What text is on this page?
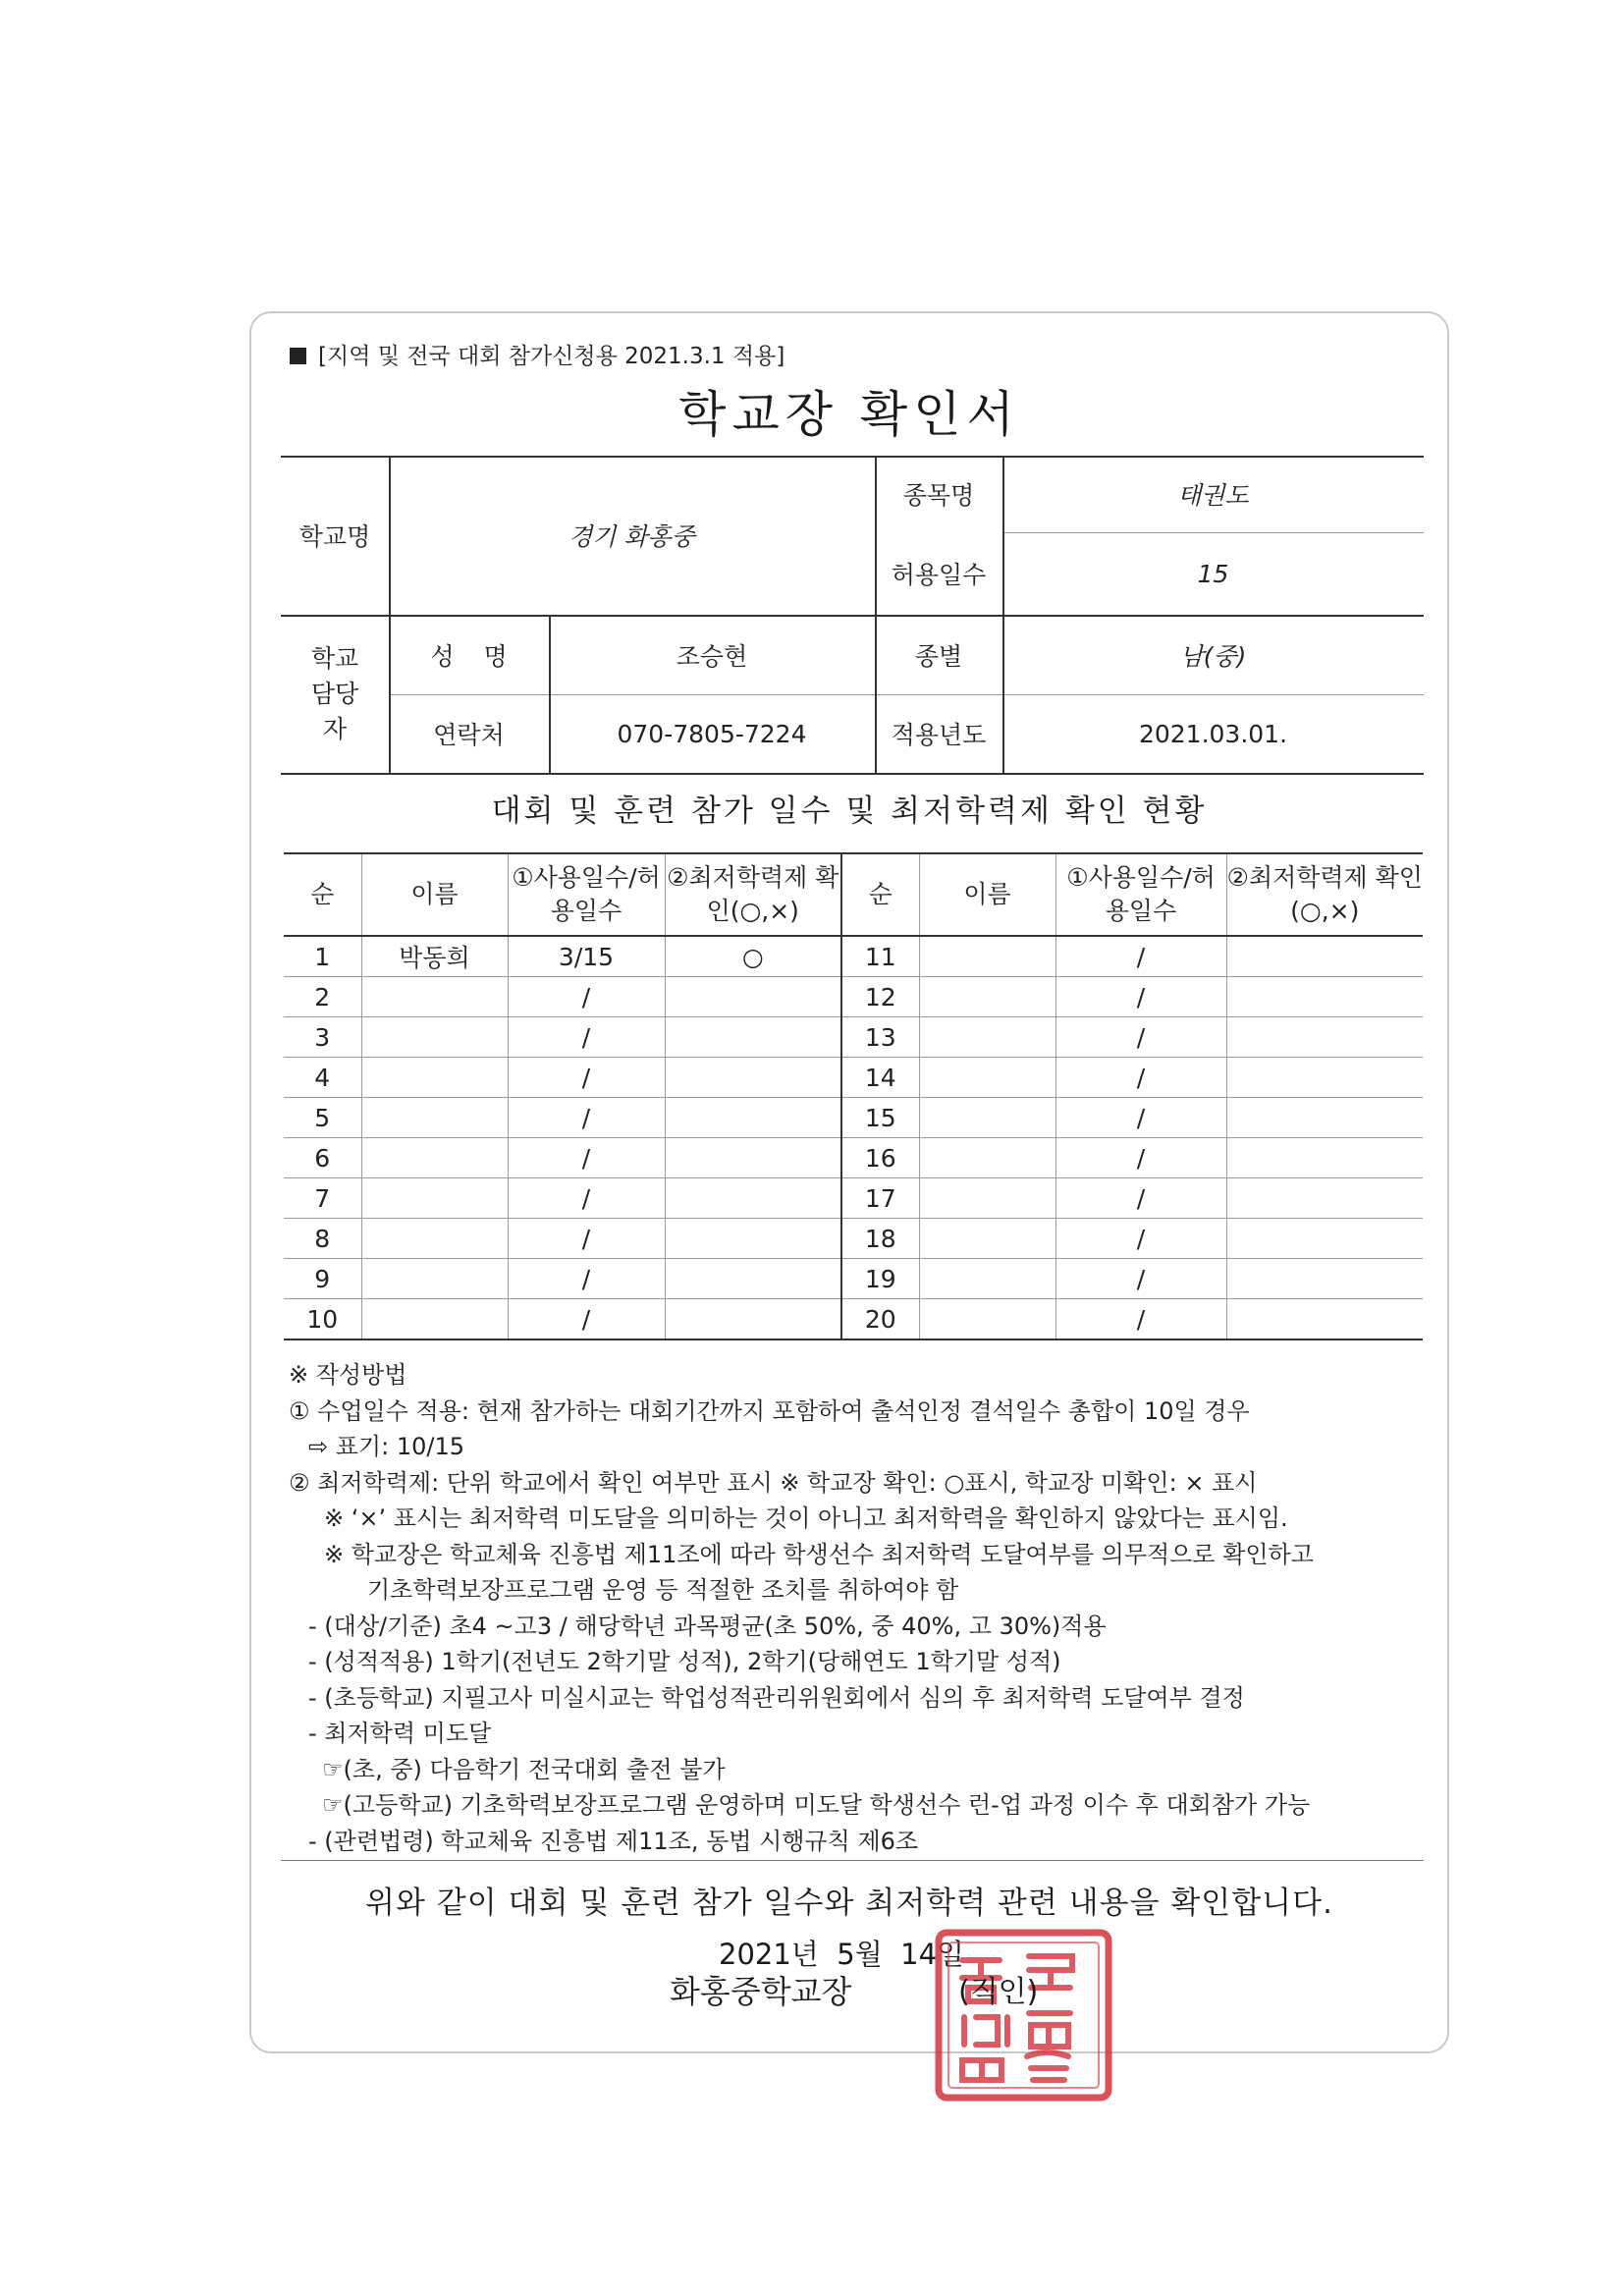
[지역 및 전국 대회 참가신청용 2021.3.1 적용]
학교장 확인서
학교명	경기 화홍중
종목명	태권도
허용일수	15
학교 담당자
성 명	조승현	종별	남(중)
연락처	070-7805-7224	적용년도	2021.03.01.
대회 및 훈련 참가 일수 및 최저학력제 확인 현황
순	이름	①사용일수/허용일수	②최저학력제 확인(○,×)	순	이름	①사용일수/허용일수	②최저학력제 확인(○,×)
1	박동희	3/15	○	11		/	
2		/		12		/	
3		/		13		/	
4		/		14		/	
5		/		15		/	
6		/		16		/	
7		/		17		/	
8		/		18		/	
9		/		19		/	
10		/		20		/	
※ 작성방법
① 수업일수 적용: 현재 참가하는 대회기간까지 포함하여 출석인정 결석일수 총합이 10일 경우
⇨ 표기: 10/15
② 최저학력제: 단위 학교에서 확인 여부만 표시 ※ 학교장 확인: ○표시, 학교장 미확인: × 표시
※ ‘×’ 표시는 최저학력 미도달을 의미하는 것이 아니고 최저학력을 확인하지 않았다는 표시임.
※ 학교장은 학교체육 진흥법 제11조에 따라 학생선수 최저학력 도달여부를 의무적으로 확인하고
기초학력보장프로그램 운영 등 적절한 조치를 취하여야 함
- (대상/기준) 초4 ~고3 / 해당학년 과목평균(초 50%, 중 40%, 고 30%)적용
- (성적적용) 1학기(전년도 2학기말 성적), 2학기(당해연도 1학기말 성적)
- (초등학교) 지필고사 미실시교는 학업성적관리위원회에서 심의 후 최저학력 도달여부 결정
- 최저학력 미도달
☞(초, 중) 다음학기 전국대회 출전 불가
☞(고등학교) 기초학력보장프로그램 운영하며 미도달 학생선수 런-업 과정 이수 후 대회참가 가능
- (관련법령) 학교체육 진흥법 제11조, 동법 시행규칙 제6조
위와 같이 대회 및 훈련 참가 일수와 최저학력 관련 내용을 확인합니다.
2021년  5월  14일
화홍중학교장	(직인)
